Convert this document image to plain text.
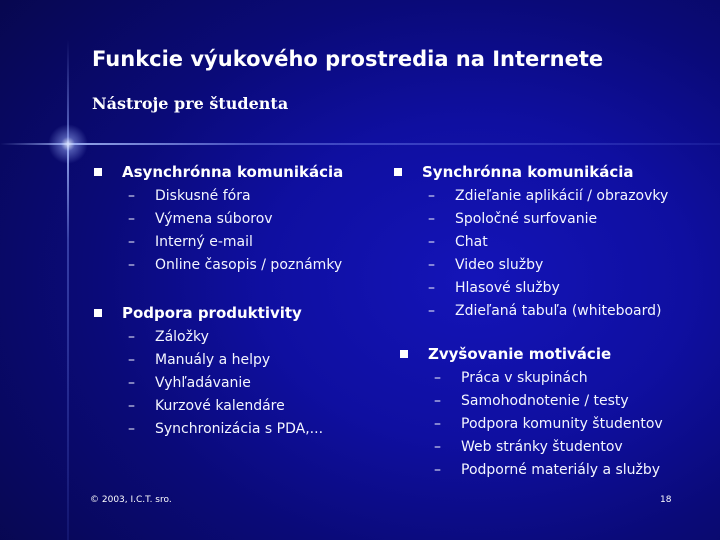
Funkcie výukového prostredia na Internete
Nástroje pre študenta
Asynchrónna komunikácia
– Diskusné fóra
– Výmena súborov
– Interný e-mail
– Online časopis / poznámky
Podpora produktivity
– Záložky
– Manuály a helpy
– Vyhľadávanie
– Kurzové kalendáre
– Synchronizácia s PDA,...
Synchrónna komunikácia
– Zdieľanie aplikácií / obrazovky
– Spoločné surfovanie
– Chat
– Video služby
– Hlasové služby
– Zdieľaná tabuľa (whiteboard)
Zvyšovanie motivácie
– Práca v skupinách
– Samohodnotenie / testy
– Podpora komunity študentov
– Web stránky študentov
– Podporné materiály a služby
© 2003, I.C.T. sro.	18
